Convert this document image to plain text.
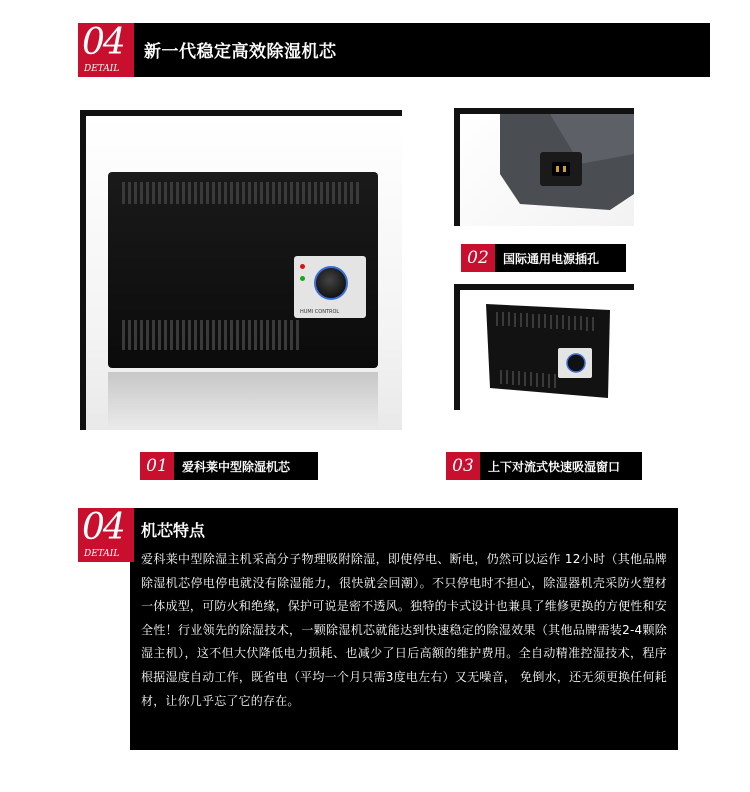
04
DETAIL
新一代稳定高效除湿机芯
HUMI CONTROL
01	爱科莱中型除湿机芯
02	国际通用电源插孔
03	上下对流式快速吸湿窗口
04
DETAIL
机芯特点
爱科莱中型除湿主机采高分子物理吸附除湿，即使停电、断电，仍然可以运作 12小时（其他品牌除湿机芯停电停电就没有除湿能力，很快就会回潮）。不只停电时不担心，除湿器机壳采防火塑材一体成型，可防火和绝缘，保护可说是密不透风。独特的卡式设计也兼具了维修更换的方便性和安全性！行业领先的除湿技术，一颗除湿机芯就能达到快速稳定的除湿效果（其他品牌需装2-4颗除湿主机），这不但大伏降低电力损耗、也减少了日后高额的维护费用。全自动精准控湿技术，程序根据湿度自动工作，既省电（平均一个月只需3度电左右）又无噪音， 免倒水，还无须更换任何耗材，让你几乎忘了它的存在。
